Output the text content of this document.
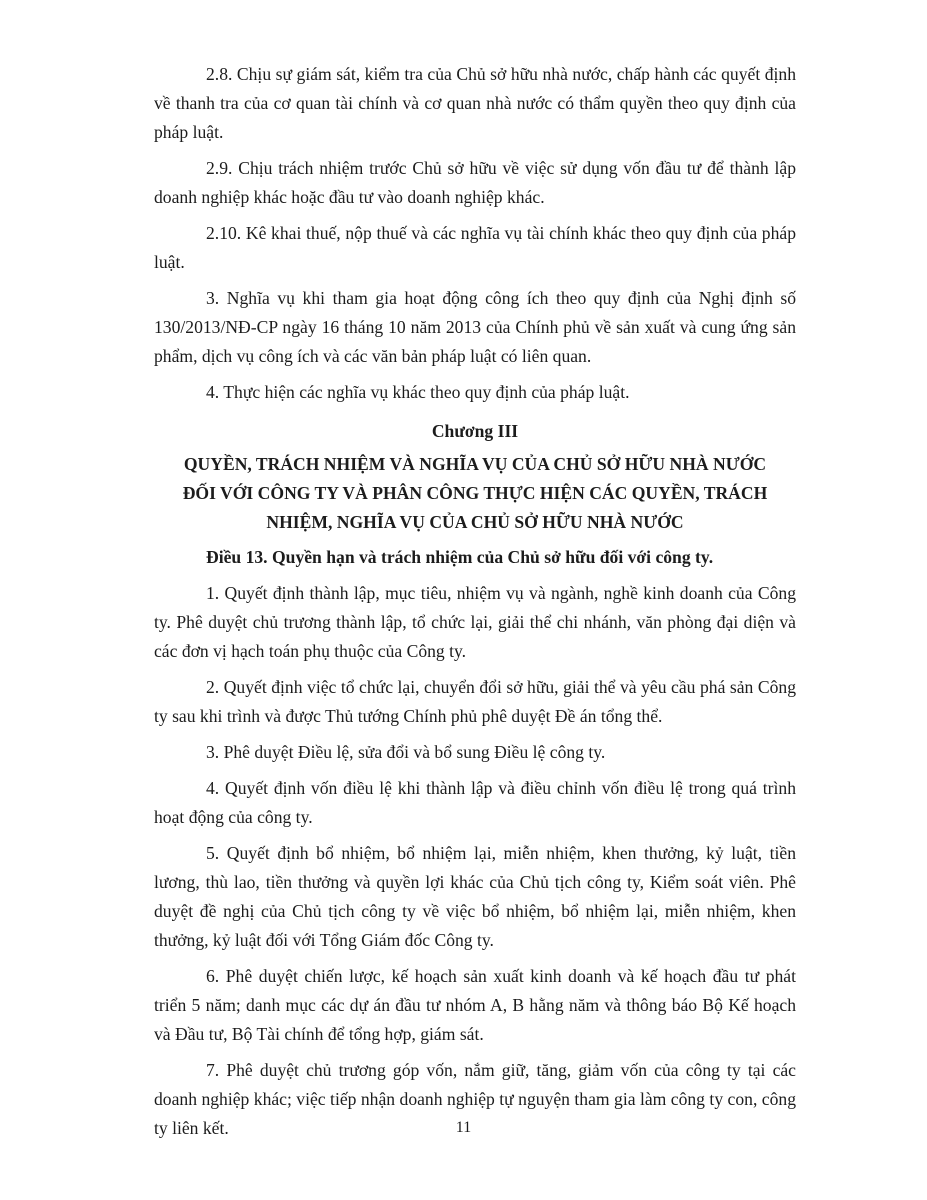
2.8. Chịu sự giám sát, kiểm tra của Chủ sở hữu nhà nước, chấp hành các quyết định về thanh tra của cơ quan tài chính và cơ quan nhà nước có thẩm quyền theo quy định của pháp luật.

2.9. Chịu trách nhiệm trước Chủ sở hữu về việc sử dụng vốn đầu tư để thành lập doanh nghiệp khác hoặc đầu tư vào doanh nghiệp khác.

2.10. Kê khai thuế, nộp thuế và các nghĩa vụ tài chính khác theo quy định của pháp luật.

3. Nghĩa vụ khi tham gia hoạt động công ích theo quy định của Nghị định số 130/2013/NĐ-CP ngày 16 tháng 10 năm 2013 của Chính phủ về sản xuất và cung ứng sản phẩm, dịch vụ công ích và các văn bản pháp luật có liên quan.

4. Thực hiện các nghĩa vụ khác theo quy định của pháp luật.

Chương III

QUYỀN, TRÁCH NHIỆM VÀ NGHĨA VỤ CỦA CHỦ SỞ HỮU NHÀ NƯỚC
ĐỐI VỚI CÔNG TY VÀ PHÂN CÔNG THỰC HIỆN CÁC QUYỀN, TRÁCH
NHIỆM, NGHĨA VỤ CỦA CHỦ SỞ HỮU NHÀ NƯỚC

Điều 13. Quyền hạn và trách nhiệm của Chủ sở hữu đối với công ty.

1. Quyết định thành lập, mục tiêu, nhiệm vụ và ngành, nghề kinh doanh của Công ty. Phê duyệt chủ trương thành lập, tổ chức lại, giải thể chi nhánh, văn phòng đại diện và các đơn vị hạch toán phụ thuộc của Công ty.

2. Quyết định việc tổ chức lại, chuyển đổi sở hữu, giải thể và yêu cầu phá sản Công ty sau khi trình và được Thủ tướng Chính phủ phê duyệt Đề án tổng thể.

3. Phê duyệt Điều lệ, sửa đổi và bổ sung Điều lệ công ty.

4. Quyết định vốn điều lệ khi thành lập và điều chỉnh vốn điều lệ trong quá trình hoạt động của công ty.

5. Quyết định bổ nhiệm, bổ nhiệm lại, miễn nhiệm, khen thưởng, kỷ luật, tiền lương, thù lao, tiền thưởng và quyền lợi khác của Chủ tịch công ty, Kiểm soát viên. Phê duyệt đề nghị của Chủ tịch công ty về việc bổ nhiệm, bổ nhiệm lại, miễn nhiệm, khen thưởng, kỷ luật đối với Tổng Giám đốc Công ty.

6. Phê duyệt chiến lược, kế hoạch sản xuất kinh doanh và kế hoạch đầu tư phát triển 5 năm; danh mục các dự án đầu tư nhóm A, B hằng năm và thông báo Bộ Kế hoạch và Đầu tư, Bộ Tài chính để tổng hợp, giám sát.

7. Phê duyệt chủ trương góp vốn, nắm giữ, tăng, giảm vốn của công ty tại các doanh nghiệp khác; việc tiếp nhận doanh nghiệp tự nguyện tham gia làm công ty con, công ty liên kết.	11
